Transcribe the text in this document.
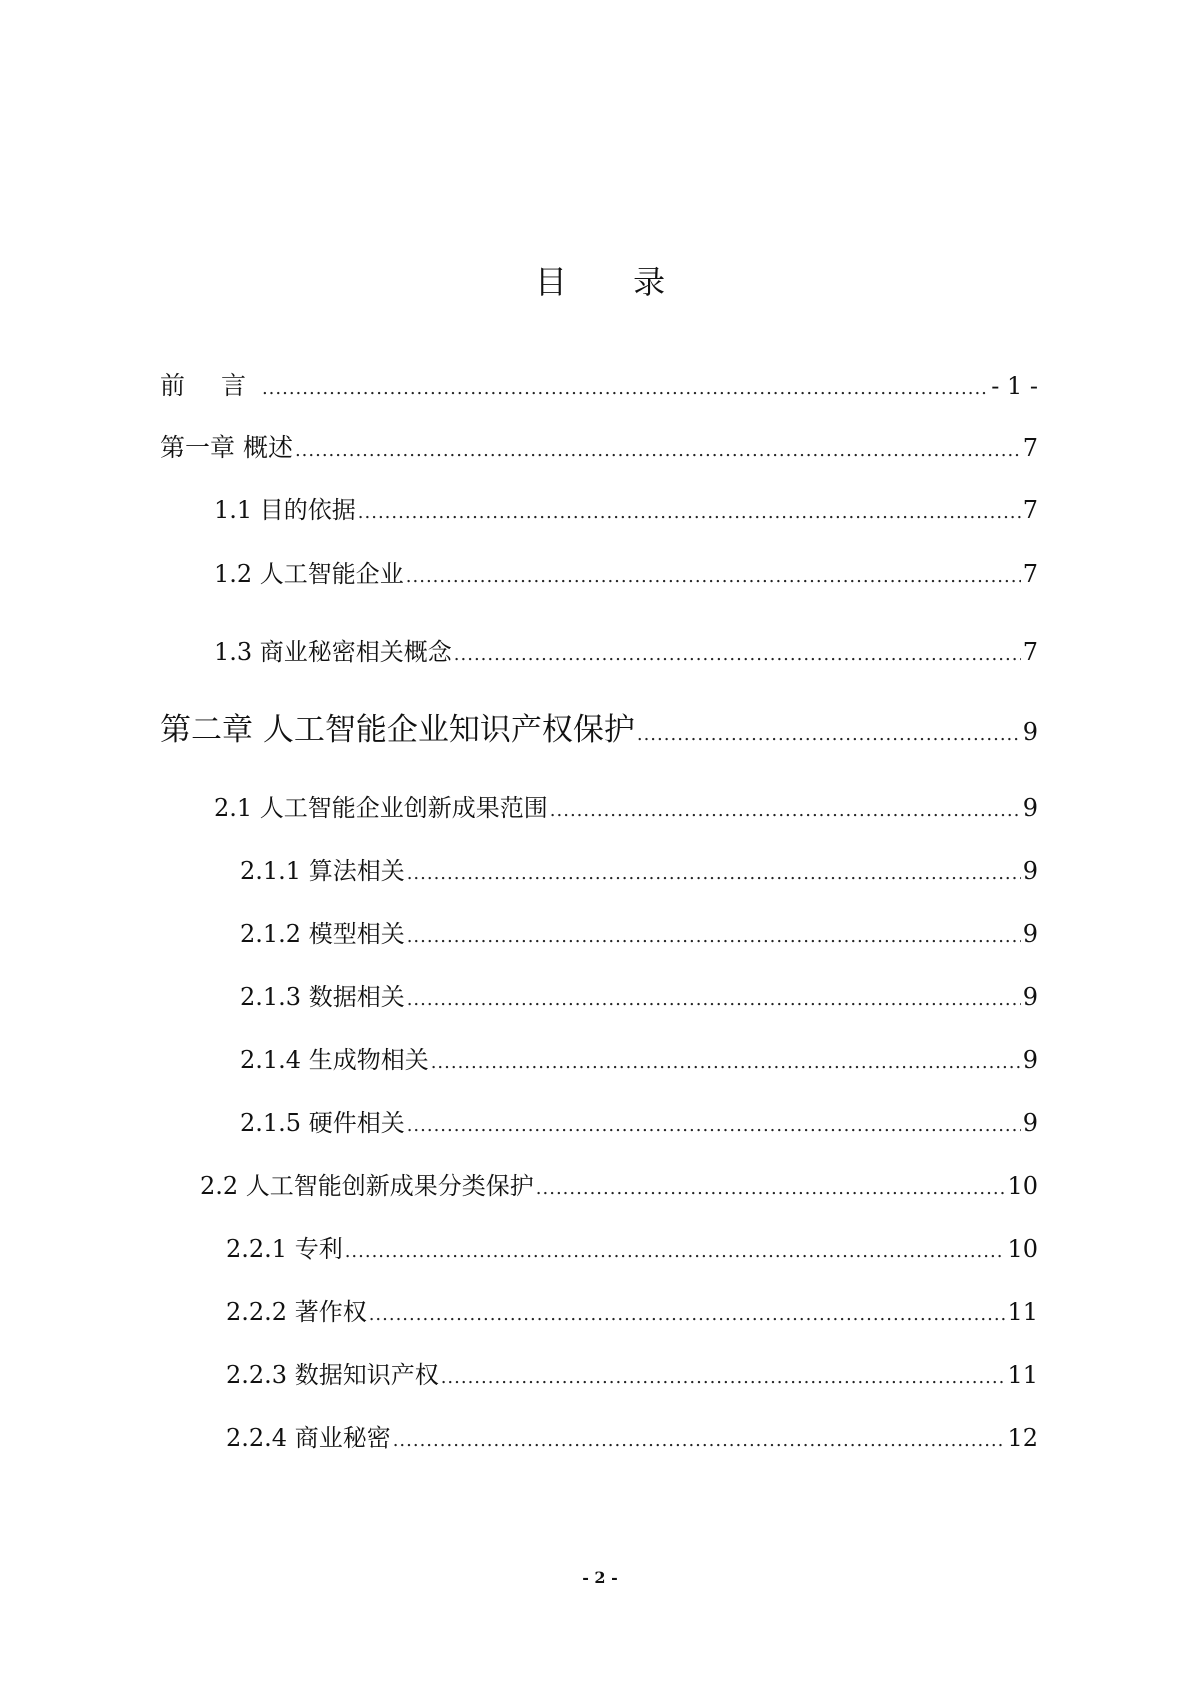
目 录
前 言 .....	- 1 -
第一章 概述 .....	7
1.1 目的依据 .....	7
1.2 人工智能企业 .....	7
1.3 商业秘密相关概念 .....	7
第二章 人工智能企业知识产权保护 .....	9
2.1 人工智能企业创新成果范围 .....	9
2.1.1 算法相关 .....	9
2.1.2 模型相关 .....	9
2.1.3 数据相关 .....	9
2.1.4 生成物相关 .....	9
2.1.5 硬件相关 .....	9
2.2 人工智能创新成果分类保护 .....	10
2.2.1 专利 .....	10
2.2.2 著作权 .....	11
2.2.3 数据知识产权 .....	11
2.2.4 商业秘密 .....	12
- 2 -
